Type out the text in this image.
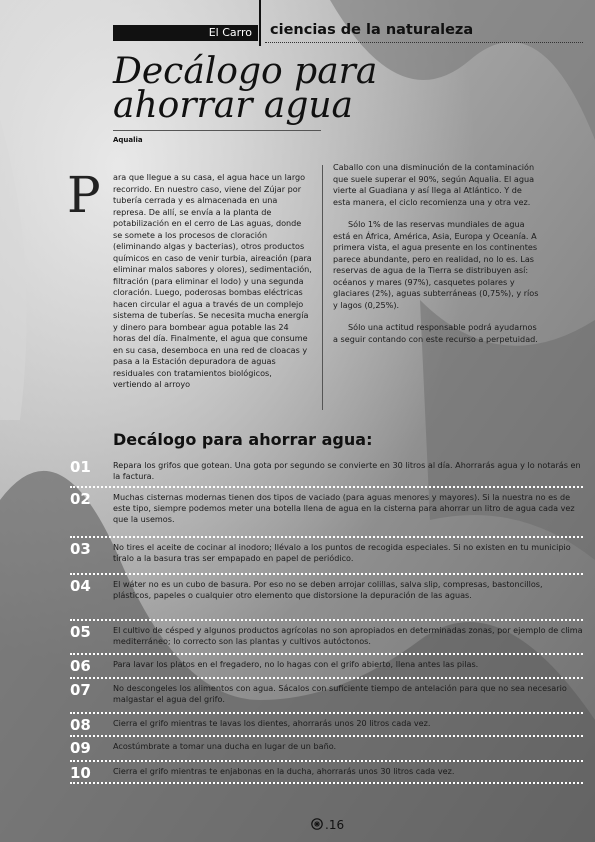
El Carro	ciencias de la naturaleza
Decálogo para
ahorrar agua
Aqualia
P ara que llegue a su casa, el agua hace un largo recorrido. En nuestro caso, viene del Zújar por tubería cerrada y es almacenada en una represa. De allí, se envía a la planta de potabilización en el cerro de Las aguas, donde se somete a los procesos de cloración (eliminando algas y bacterias), otros productos químicos en caso de venir turbia, aireación (para eliminar malos sabores y olores), sedimentación, filtración (para eliminar el lodo) y una segunda cloración. Luego, poderosas bombas eléctricas hacen circular el agua a través de un complejo sistema de tuberías. Se necesita mucha energía y dinero para bombear agua potable las 24 horas del día. Finalmente, el agua que consume en su casa, desemboca en una red de cloacas y pasa a la Estación depuradora de aguas residuales con tratamientos biológicos, vertiendo al arroyo

Caballo con una disminución de la contaminación que suele superar el 90%, según Aqualia. El agua vierte al Guadiana y así llega al Atlántico. Y de esta manera, el ciclo recomienza una y otra vez.

Sólo 1% de las reservas mundiales de agua está en África, América, Asia, Europa y Oceanía. A primera vista, el agua presente en los continentes parece abundante, pero en realidad, no lo es. Las reservas de agua de la Tierra se distribuyen así: océanos y mares (97%), casquetes polares y glaciares (2%), aguas subterráneas (0,75%), y ríos y lagos (0,25%).

Sólo una actitud responsable podrá ayudarnos a seguir contando con este recurso a perpetuidad.

Decálogo para ahorrar agua:
01	Repara los grifos que gotean. Una gota por segundo se convierte en 30 litros al día. Ahorrarás agua y lo notarás en la factura.
02	Muchas cisternas modernas tienen dos tipos de vaciado (para aguas menores y mayores). Si la nuestra no es de este tipo, siempre podemos meter una botella llena de agua en la cisterna para ahorrar un litro de agua cada vez que la usemos.
03	No tires el aceite de cocinar al inodoro; llévalo a los puntos de recogida especiales. Si no existen en tu municipio tíralo a la basura tras ser empapado en papel de periódico.
04	El wáter no es un cubo de basura. Por eso no se deben arrojar colillas, salva slip, compresas, bastoncillos, plásticos, papeles o cualquier otro elemento que distorsione la depuración de las aguas.
05	El cultivo de césped y algunos productos agrícolas no son apropiados en determinadas zonas, por ejemplo de clima mediterráneo; lo correcto son las plantas y cultivos autóctonos.
06	Para lavar los platos en el fregadero, no lo hagas con el grifo abierto, llena antes las pilas.
07	No descongeles los alimentos con agua. Sácalos con suficiente tiempo de antelación para que no sea necesario malgastar el agua del grifo.
08	Cierra el grifo mientras te lavas los dientes, ahorrarás unos 20 litros cada vez.
09	Acostúmbrate a tomar una ducha en lugar de un baño.
10	Cierra el grifo mientras te enjabonas en la ducha, ahorrarás unos 30 litros cada vez.
.16
